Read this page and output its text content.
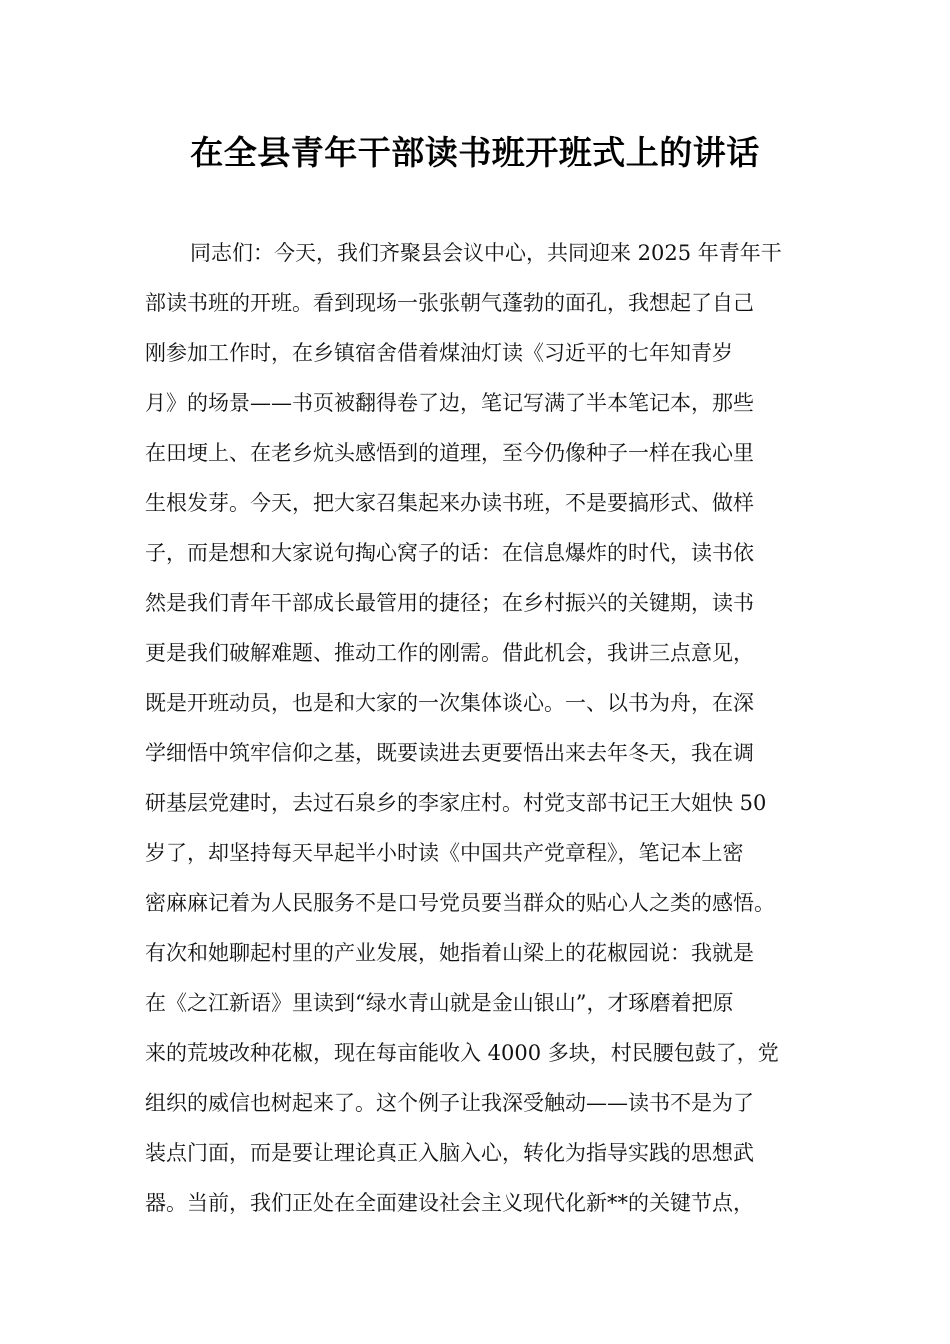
在全县青年干部读书班开班式上的讲话
同志们：今天，我们齐聚县会议中心，共同迎来 2025 年青年干
部读书班的开班。看到现场一张张朝气蓬勃的面孔，我想起了自己
刚参加工作时，在乡镇宿舍借着煤油灯读《习近平的七年知青岁
月》的场景——书页被翻得卷了边，笔记写满了半本笔记本，那些
在田埂上、在老乡炕头感悟到的道理，至今仍像种子一样在我心里
生根发芽。今天，把大家召集起来办读书班，不是要搞形式、做样
子，而是想和大家说句掏心窝子的话：在信息爆炸的时代，读书依
然是我们青年干部成长最管用的捷径；在乡村振兴的关键期，读书
更是我们破解难题、推动工作的刚需。借此机会，我讲三点意见，
既是开班动员，也是和大家的一次集体谈心。一、以书为舟，在深
学细悟中筑牢信仰之基，既要读进去更要悟出来去年冬天，我在调
研基层党建时，去过石泉乡的李家庄村。村党支部书记王大姐快 50
岁了，却坚持每天早起半小时读《中国共产党章程》，笔记本上密
密麻麻记着为人民服务不是口号党员要当群众的贴心人之类的感悟。
有次和她聊起村里的产业发展，她指着山梁上的花椒园说：我就是
在《之江新语》里读到“绿水青山就是金山银山”，才琢磨着把原
来的荒坡改种花椒，现在每亩能收入 4000 多块，村民腰包鼓了，党
组织的威信也树起来了。这个例子让我深受触动——读书不是为了
装点门面，而是要让理论真正入脑入心，转化为指导实践的思想武
器。当前，我们正处在全面建设社会主义现代化新**的关键节点，
